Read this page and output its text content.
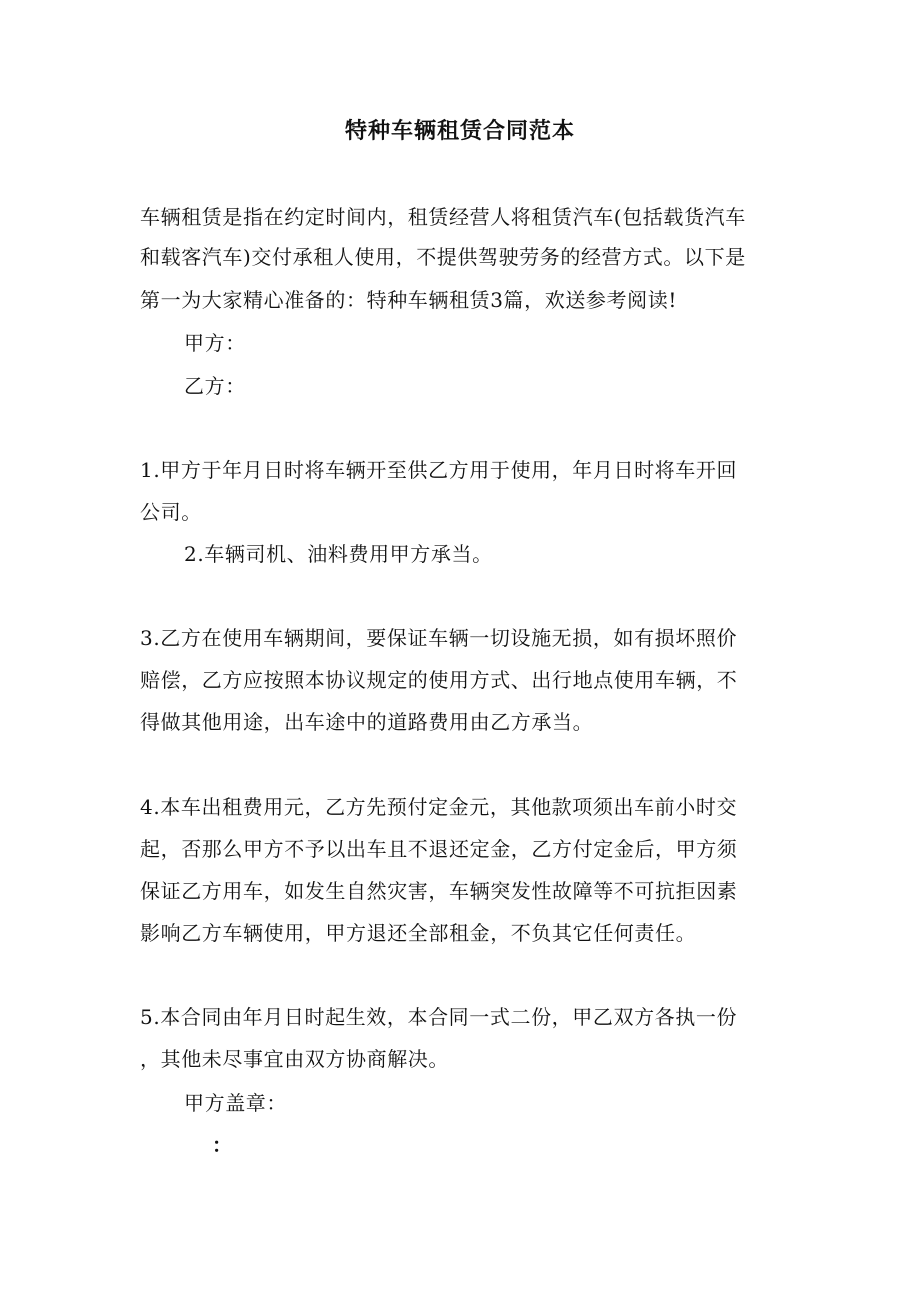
特种车辆租赁合同范本
车辆租赁是指在约定时间内，租赁经营人将租赁汽车(包括载货汽车
和载客汽车)交付承租人使用，不提供驾驶劳务的经营方式。以下是
第一为大家精心准备的：特种车辆租赁3篇，欢送参考阅读!
甲方：
乙方：
1.甲方于年月日时将车辆开至供乙方用于使用，年月日时将车开回
公司。
2.车辆司机、油料费用甲方承当。
3.乙方在使用车辆期间，要保证车辆一切设施无损，如有损坏照价
赔偿，乙方应按照本协议规定的使用方式、出行地点使用车辆，不
得做其他用途，出车途中的道路费用由乙方承当。
4.本车出租费用元，乙方先预付定金元，其他款项须出车前小时交
起，否那么甲方不予以出车且不退还定金，乙方付定金后，甲方须
保证乙方用车，如发生自然灾害，车辆突发性故障等不可抗拒因素
影响乙方车辆使用，甲方退还全部租金，不负其它任何责任。
5.本合同由年月日时起生效，本合同一式二份，甲乙双方各执一份
，其他未尽事宜由双方协商解决。
甲方盖章：
：
